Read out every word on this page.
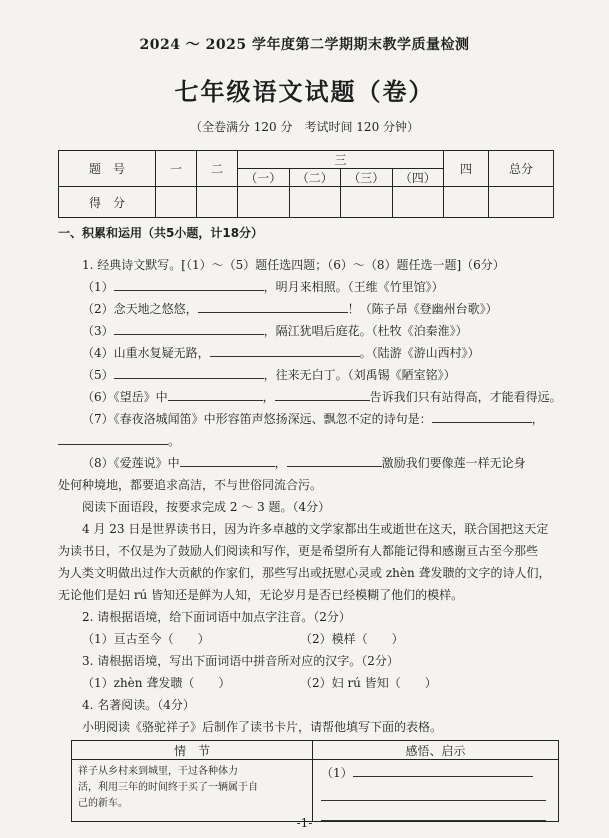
2024 ～ 2025 学年度第二学期期末教学质量检测
七年级语文试题（卷）
（全卷满分 120 分　考试时间 120 分钟）
题　号	一	二	三				四	总分
			（一）	（二）	（三）	（四）		
得　分								
一、积累和运用（共5小题，计18分）
1. 经典诗文默写。[（1）～（5）题任选四题；（6）～（8）题任选一题]（6分）
（1）	，明月来相照。（王维《竹里馆》）
（2）念天地之悠悠，	！（陈子昂《登幽州台歌》）
（3）	，隔江犹唱后庭花。（杜牧《泊秦淮》）
（4）山重水复疑无路，	。（陆游《游山西村》）
（5）	，往来无白丁。（刘禹锡《陋室铭》）
（6）《望岳》中	，	告诉我们只有站得高，才能看得远。
（7）《春夜洛城闻笛》中形容笛声悠扬深远、飘忽不定的诗句是：	，
。
（8）《爱莲说》中	，	激励我们要像莲一样无论身
处何种境地，都要追求高洁，不与世俗同流合污。
阅读下面语段，按要求完成 2 ～ 3 题。（4分）
4 月 23 日是世界读书日，因为许多卓越的文学家都出生或逝世在这天，联合国把这天定
为读书日，不仅是为了鼓励人们阅读和写作，更是希望所有人都能记得和感谢亘古至今那些
为人类文明做出过作大贡献的作家们，那些写出或抚慰心灵或 zhèn 聋发聩的文字的诗人们，
无论他们是妇 rú 皆知还是鲜为人知，无论岁月是否已经模糊了他们的模样。
2. 请根据语境，给下面词语中加点字注音。（2分）
（1）亘古至今（　　）	（2）模样（　　）
3. 请根据语境，写出下面词语中拼音所对应的汉字。（2分）
（1）zhèn 聋发聩（　　）	（2）妇 rú 皆知（　　）
4. 名著阅读。（4分）
小明阅读《骆驼祥子》后制作了读书卡片，请帮他填写下面的表格。
情　节	感悟、启示

祥子从乡村来到城里，干过各种体力
活，利用三年的时间终于买了一辆属于自
己的新车。	（1）
-1-
